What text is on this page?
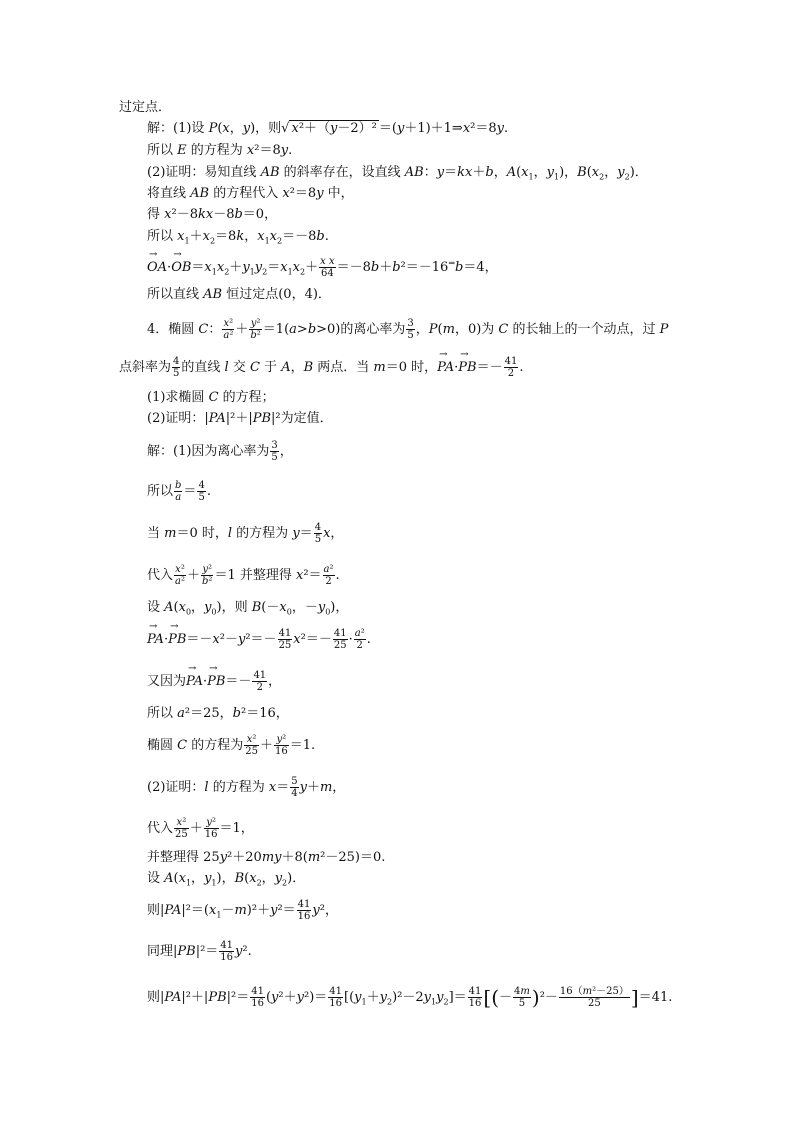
过定点．
解：(1)设 P(x，y)，则√ x²＋（y－2）² ＝(y＋1)＋1⇒x²＝8y.
所以 E 的方程为 x²＝8y.
(2)证明：易知直线 AB 的斜率存在，设直线 AB：y＝kx＋b，$A(x_1$，$y_1$)，$B(x_2$，$y_2$)．
将直线 AB 的方程代入 x²＝8y 中，
得 x²－8kx－8b＝0，
所以 $x_1+x_2=8k$，$x_1x_2=-8b$.
→ $OA\cdot\to OB=x_1x_2+y_1y_2=x_1x_2+ \frac{\text{x x}}{64} =-8b+b^2=-16^\Rightarrow b=4$，
所以直线 AB 恒过定点(0，4)．
4．椭圆 C： $\frac{\text{x²}}{\text{a²}} + \frac{\text{y²}}{\text{b²}} =1(a>b>0)$的离心率为 $\frac{3}{5}$ ，P(m，0)为 C 的长轴上的一个动点，过 P
点斜率为 $\frac{4}{5}$ 的直线 l 交 C 于 A，B 两点．当 m＝0 时，→ $PA\cdot\to PB=- \frac{41}{2}$ .
(1)求椭圆 C 的方程；
(2)证明：|PA|²＋|PB|²为定值．
解：(1)因为离心率为 $\frac{3}{5}$ ，
所以 $\frac{b}{a} = \frac{4}{5}$ .
当 m＝0 时，l 的方程为 $y= \frac{4}{5}$ x，
代入 $\frac{\text{x²}}{\text{a²}} + \frac{\text{y²}}{\text{b²}} =1$ 并整理得 $x^2= \frac{\text{a²}}{2}$ .
设 $A(x_0$，$y_0$)，则 $B(-x_0$，$-y_0$)，
→ $PA\cdot\to PB=-x^2-y^2=- \frac{41}{25} x^2=- \frac{41}{25} \cdot \frac{\text{a²}}{2}$ .
又因为→ $PA\cdot\to PB=- \frac{41}{2}$ ，
所以 a²＝25，b²＝16，
椭圆 C 的方程为 $\frac{\text{x²}}{25} + \frac{\text{y²}}{16} =1$.
(2)证明：l 的方程为 $x= \frac{5}{4} y+m$，
代入 $\frac{\text{x²}}{25} + \frac{\text{y²}}{16} =1$，
并整理得 25y²＋20my＋8(m²－25)＝0.
设 $A(x_1$，$y_1$)，$B(x_2$，$y_2$)．
则$|PA|^2=(x_1-m)^2+y^2= \frac{41}{16} y^2$，
同理$|PB|^2= \frac{41}{16} y^2$.
则$|PA|^2+|PB|^2= \frac{41}{16} (y^2+y^2)= \frac{41}{16} [(y_1+y_2)^2-2y_1y_2]= \frac{41}{16}$ [(－ $\frac{4m}{5} )^2- \frac{\text{16（m²－25）}}{25} ]=41$.
